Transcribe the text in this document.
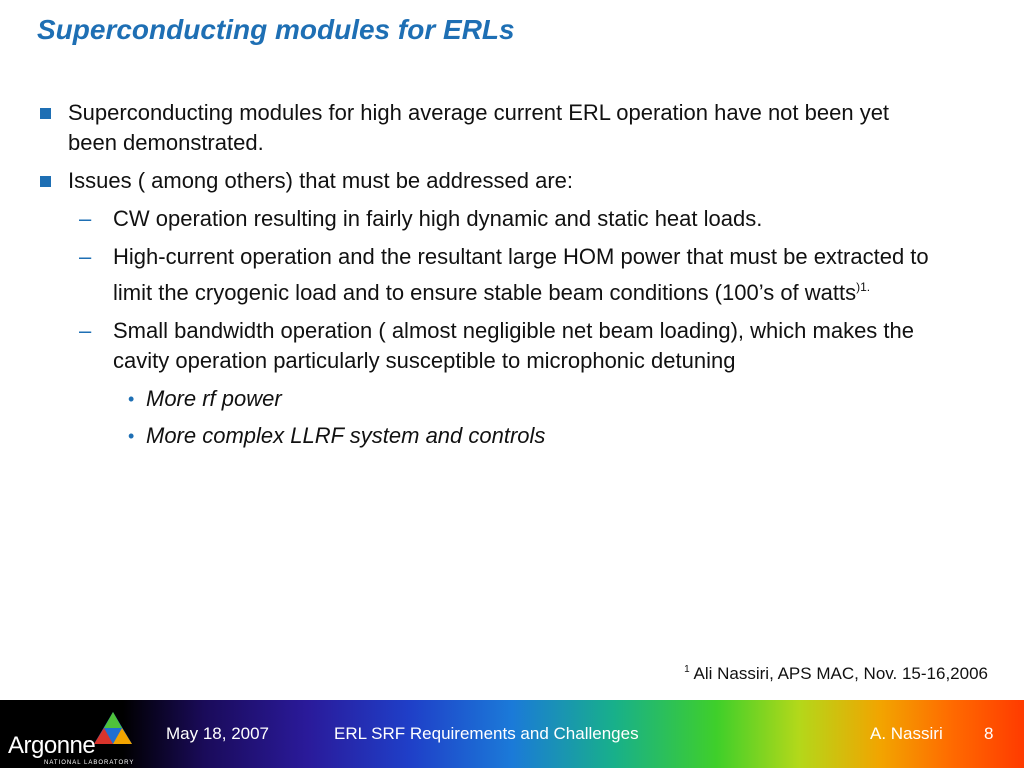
Superconducting modules for ERLs
Superconducting modules for high average current ERL operation have not been yet been demonstrated.
Issues ( among others) that must be addressed are:
– CW operation resulting in fairly high dynamic and static heat loads.
– High-current operation and the resultant large HOM power that must be extracted to limit the cryogenic load and to ensure stable beam conditions (100’s of watts$^{)1.}$
– Small bandwidth operation ( almost negligible net beam loading), which makes the cavity operation particularly susceptible to microphonic detuning
• More rf power
• More complex LLRF system and controls
$^1$ Ali Nassiri, APS MAC, Nov. 15-16,2006
Argonne
NATIONAL LABORATORY
May 18, 2007	ERL SRF Requirements and Challenges	A. Nassiri 8
